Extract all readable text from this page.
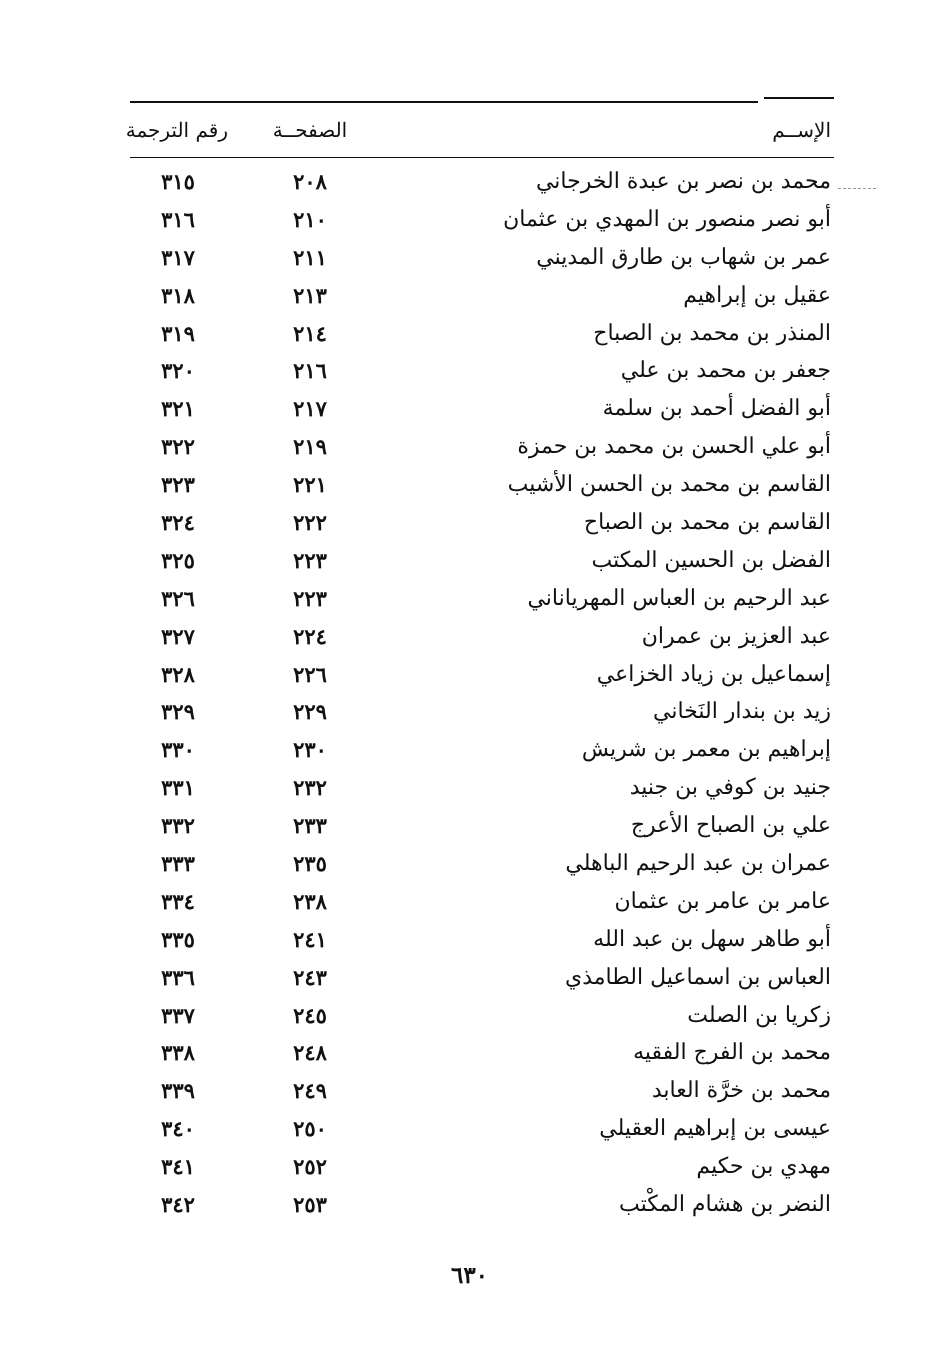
الإســم
الصفحــة
رقم الترجمة
محمد بن نصر بن عبدة الخرجاني
٢٠٨
٣١٥
أبو نصر منصور بن المهدي بن عثمان
٢١٠
٣١٦
عمر بن شهاب بن طارق المديني
٢١١
٣١٧
عقيل بن إبراهيم
٢١٣
٣١٨
المنذر بن محمد بن الصباح
٢١٤
٣١٩
جعفر بن محمد بن علي
٢١٦
٣٢٠
أبو الفضل أحمد بن سلمة
٢١٧
٣٢١
أبو علي الحسن بن محمد بن حمزة
٢١٩
٣٢٢
القاسم بن محمد بن الحسن الأشيب
٢٢١
٣٢٣
القاسم بن محمد بن الصباح
٢٢٢
٣٢٤
الفضل بن الحسين المكتب
٢٢٣
٣٢٥
عبد الرحيم بن العباس المهرياناني
٢٢٣
٣٢٦
عبد العزيز بن عمران
٢٢٤
٣٢٧
إسماعيل بن زياد الخزاعي
٢٢٦
٣٢٨
زيد بن بندار النَخاني
٢٢٩
٣٢٩
إبراهيم بن معمر بن شريش
٢٣٠
٣٣٠
جنيد بن كوفي بن جنيد
٢٣٢
٣٣١
علي بن الصباح الأعرج
٢٣٣
٣٣٢
عمران بن عبد الرحيم الباهلي
٢٣٥
٣٣٣
عامر بن عامر بن عثمان
٢٣٨
٣٣٤
أبو طاهر سهل بن عبد الله
٢٤١
٣٣٥
العباس بن اسماعيل الطامذي
٢٤٣
٣٣٦
زكريا بن الصلت
٢٤٥
٣٣٧
محمد بن الفرج الفقيه
٢٤٨
٣٣٨
محمد بن خرَّة العابد
٢٤٩
٣٣٩
عيسى بن إبراهيم العقيلي
٢٥٠
٣٤٠
مهدي بن حكيم
٢٥٢
٣٤١
النضر بن هشام المكْتب
٢٥٣
٣٤٢
٦٣٠
